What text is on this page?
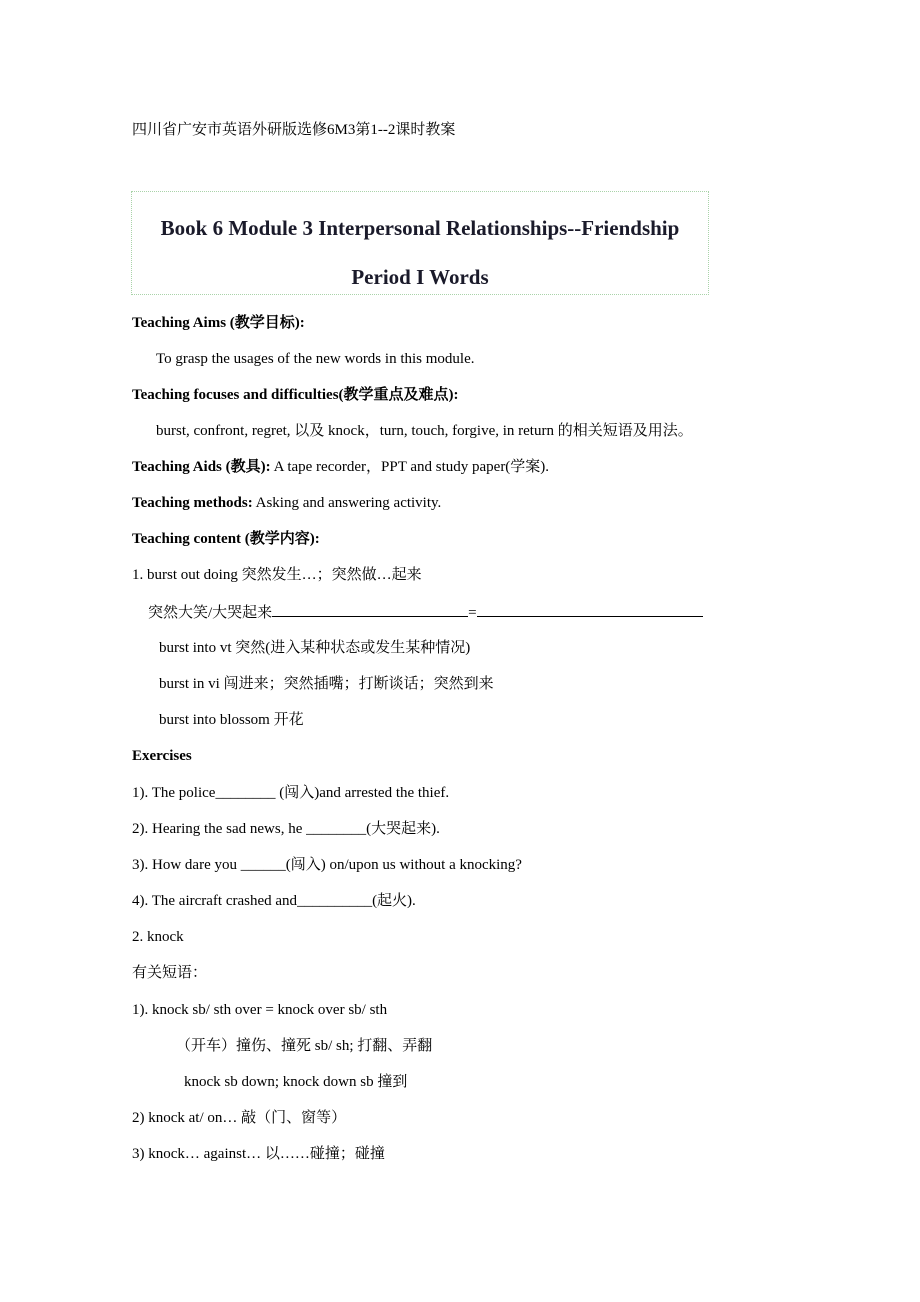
四川省广安市英语外研版选修6M3第1--2课时教案
Book 6 Module 3 Interpersonal Relationships--Friendship
Period I Words
Teaching Aims (教学目标):
To grasp the usages of the new words in this module.
Teaching focuses and difficulties(教学重点及难点):
burst, confront, regret, 以及 knock，turn, touch, forgive, in return 的相关短语及用法。
Teaching Aids (教具): A tape recorder，PPT and study paper(学案).
Teaching methods: Asking and answering activity.
Teaching content (教学内容):
1. burst out doing 突然发生…；突然做…起来
突然大笑/大哭起来	=
burst into vt 突然(进入某种状态或发生某种情况)
burst in vi 闯进来；突然插嘴；打断谈话；突然到来
burst into blossom 开花
Exercises
1). The police________ (闯入)and arrested the thief.
2). Hearing the sad news, he ________(大哭起来).
3). How dare you ______(闯入) on/upon us without a knocking?
4). The aircraft crashed and__________(起火).
2. knock
有关短语：
1). knock sb/ sth over = knock over sb/ sth
（开车）撞伤、撞死 sb/ sh; 打翻、弄翻
knock sb down; knock down sb 撞到
2) knock at/ on… 敲（门、窗等）
3) knock… against… 以……碰撞；碰撞
